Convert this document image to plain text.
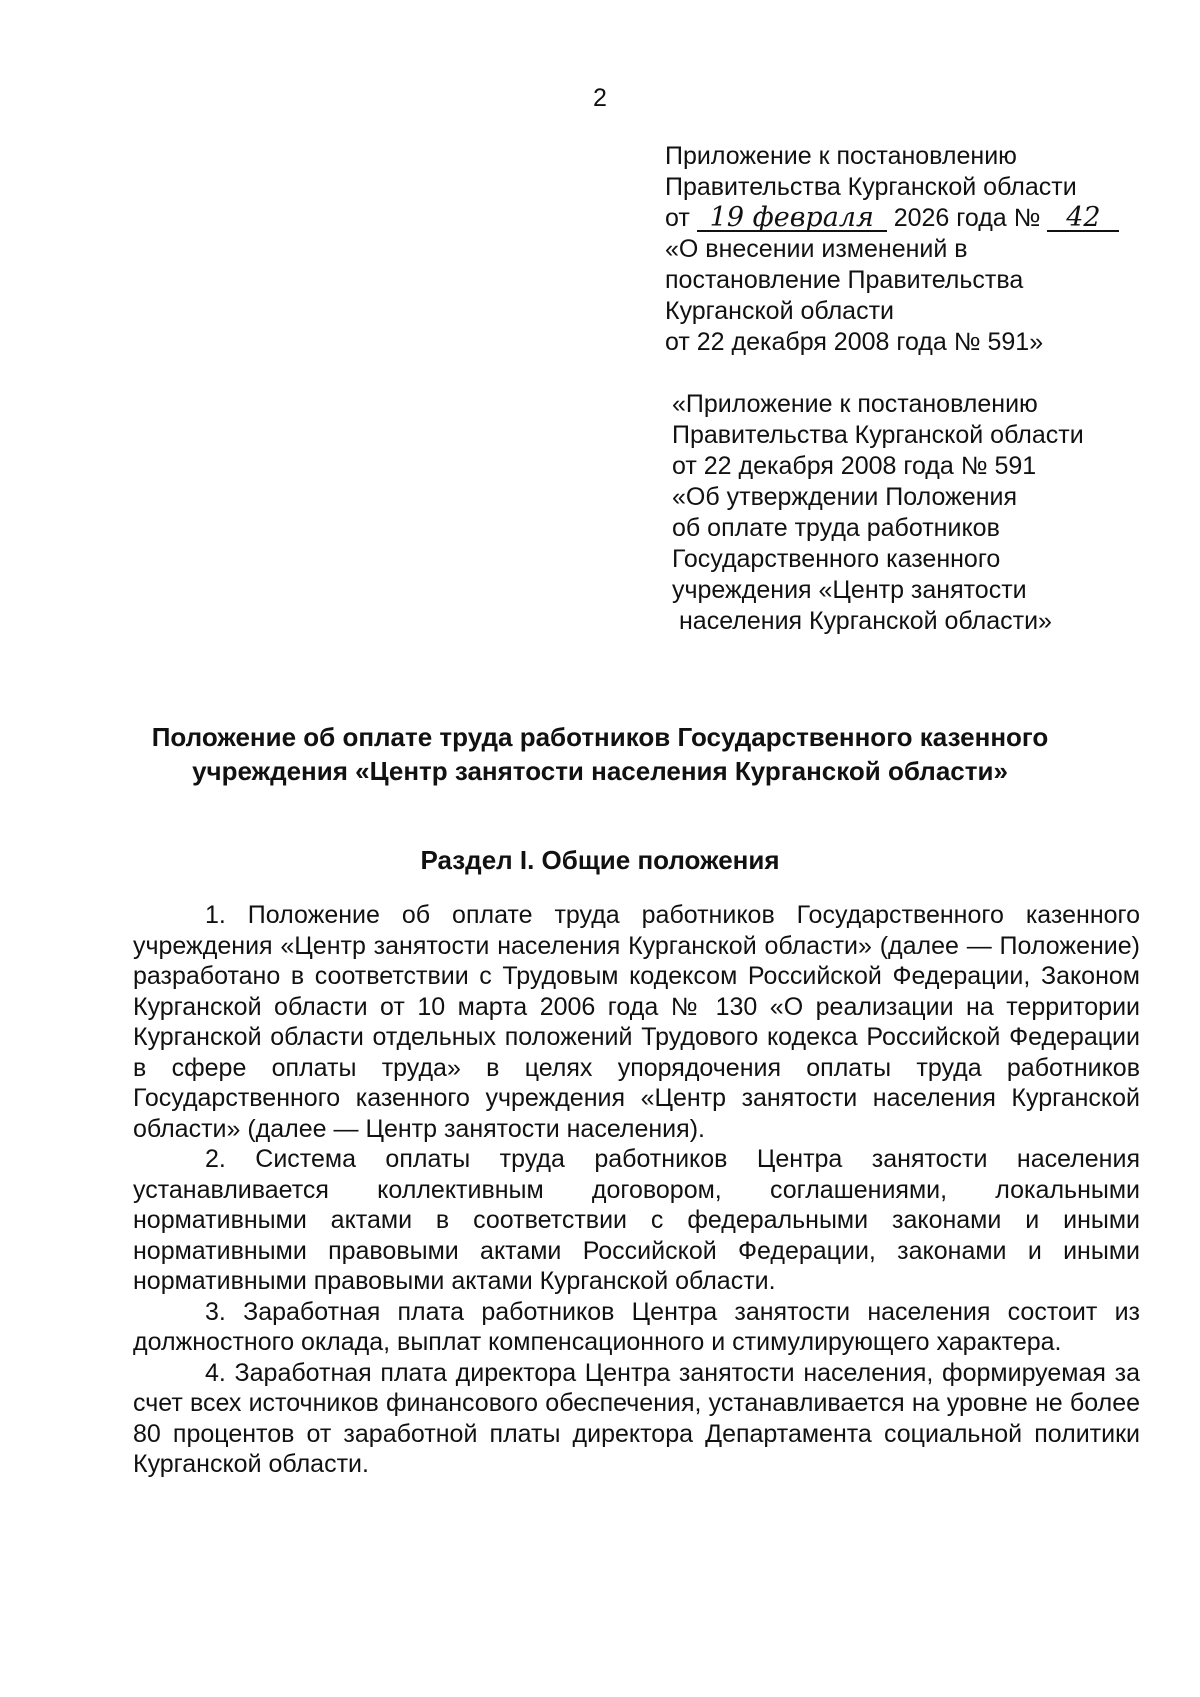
2
Приложение к постановлению
Правительства Курганской области
от 19 февраля 2026 года № 42
«О внесении изменений в
постановление Правительства
Курганской области
от 22 декабря 2008 года № 591»
«Приложение к постановлению
Правительства Курганской области
от 22 декабря 2008 года № 591
«Об утверждении Положения
об оплате труда работников
Государственного казенного
учреждения «Центр занятости
населения Курганской области»
Положение об оплате труда работников Государственного казенного учреждения «Центр занятости населения Курганской области»
Раздел I. Общие положения

1. Положение об оплате труда работников Государственного казенного учреждения «Центр занятости населения Курганской области» (далее — Положение) разработано в соответствии с Трудовым кодексом Российской Федерации, Законом Курганской области от 10 марта 2006 года № 130 «О реализации на территории Курганской области отдельных положений Трудового кодекса Российской Федерации в сфере оплаты труда» в целях упорядочения оплаты труда работников Государственного казенного учреждения «Центр занятости населения Курганской области» (далее — Центр занятости населения).

2. Система оплаты труда работников Центра занятости населения устанавливается коллективным договором, соглашениями, локальными нормативными актами в соответствии с федеральными законами и иными нормативными правовыми актами Российской Федерации, законами и иными нормативными правовыми актами Курганской области.

3. Заработная плата работников Центра занятости населения состоит из должностного оклада, выплат компенсационного и стимулирующего характера.

4. Заработная плата директора Центра занятости населения, формируемая за счет всех источников финансового обеспечения, устанавливается на уровне не более 80 процентов от заработной платы директора Департамента социальной политики Курганской области.
